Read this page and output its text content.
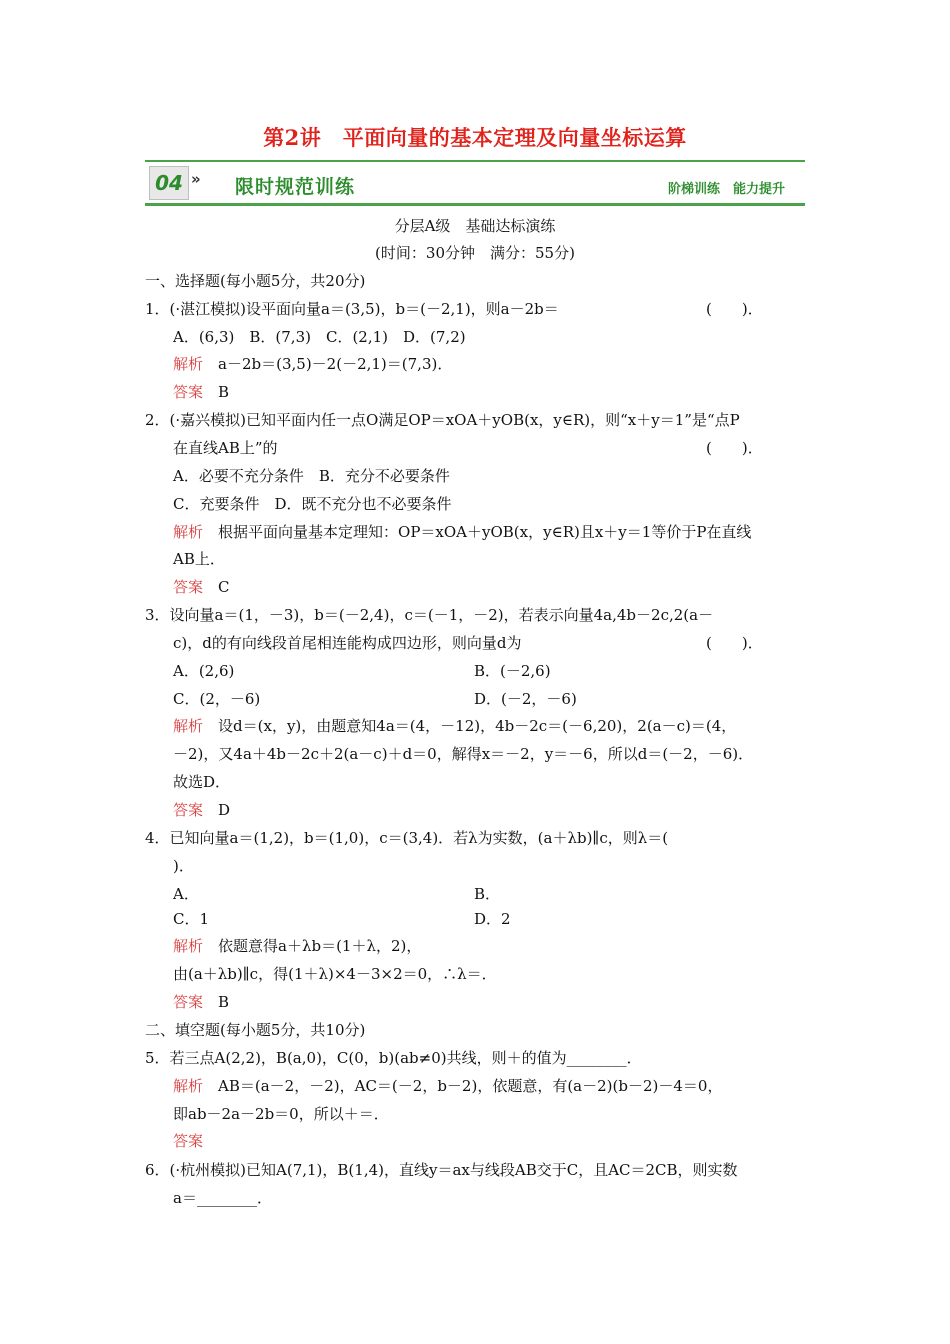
第2讲　平面向量的基本定理及向量坐标运算
04 » 限时规范训练	阶梯训练　能力提升
分层A级　基础达标演练
(时间：30分钟　满分：55分)
一、选择题(每小题5分，共20分)
1．(·湛江模拟)设平面向量a＝(3,5)，b＝(－2,1)，则a－2b＝	(　　)．
A．(6,3)　B．(7,3)　C．(2,1)　D．(7,2)
解析　 a－2b＝(3,5)－2(－2,1)＝(7,3)．
答案　 B
2．(·嘉兴模拟)已知平面内任一点O满足OP＝xOA＋yOB(x，y∈R)，则“x＋y＝1”是“点P
在直线AB上”的	(　　)．
A．必要不充分条件　B．充分不必要条件
C．充要条件　D．既不充分也不必要条件
解析　 根据平面向量基本定理知：OP＝xOA＋yOB(x，y∈R)且x＋y＝1等价于P在直线
AB上．
答案　 C
3．设向量a＝(1，－3)，b＝(－2,4)，c＝(－1，－2)，若表示向量4a,4b－2c,2(a－
c)，d的有向线段首尾相连能构成四边形，则向量d为	(　　)．
A．(2,6)	B．(－2,6)
C．(2，－6)	D．(－2，－6)
解析　 设d＝(x，y)，由题意知4a＝(4，－12)，4b－2c＝(－6,20)，2(a－c)＝(4，
－2)，又4a＋4b－2c＋2(a－c)＋d＝0，解得x＝－2，y＝－6，所以d＝(－2，－6)．
故选D．
答案　 D
4．已知向量a＝(1,2)，b＝(1,0)，c＝(3,4)．若λ为实数，(a＋λb)∥c，则λ＝(
)．
A．	B．
C．1	D．2
解析　 依题意得a＋λb＝(1＋λ，2)，
由(a＋λb)∥c，得(1＋λ)×4－3×2＝0，∴λ＝．
答案　 B
二、填空题(每小题5分，共10分)
5．若三点A(2,2)，B(a,0)，C(0，b)(ab≠0)共线，则＋的值为________．
解析　 AB＝(a－2，－2)，AC＝(－2，b－2)，依题意，有(a－2)(b－2)－4＝0，
即ab－2a－2b＝0，所以＋＝．
答案
6．(·杭州模拟)已知A(7,1)，B(1,4)，直线y＝ax与线段AB交于C，且AC＝2CB，则实数
a＝________．
